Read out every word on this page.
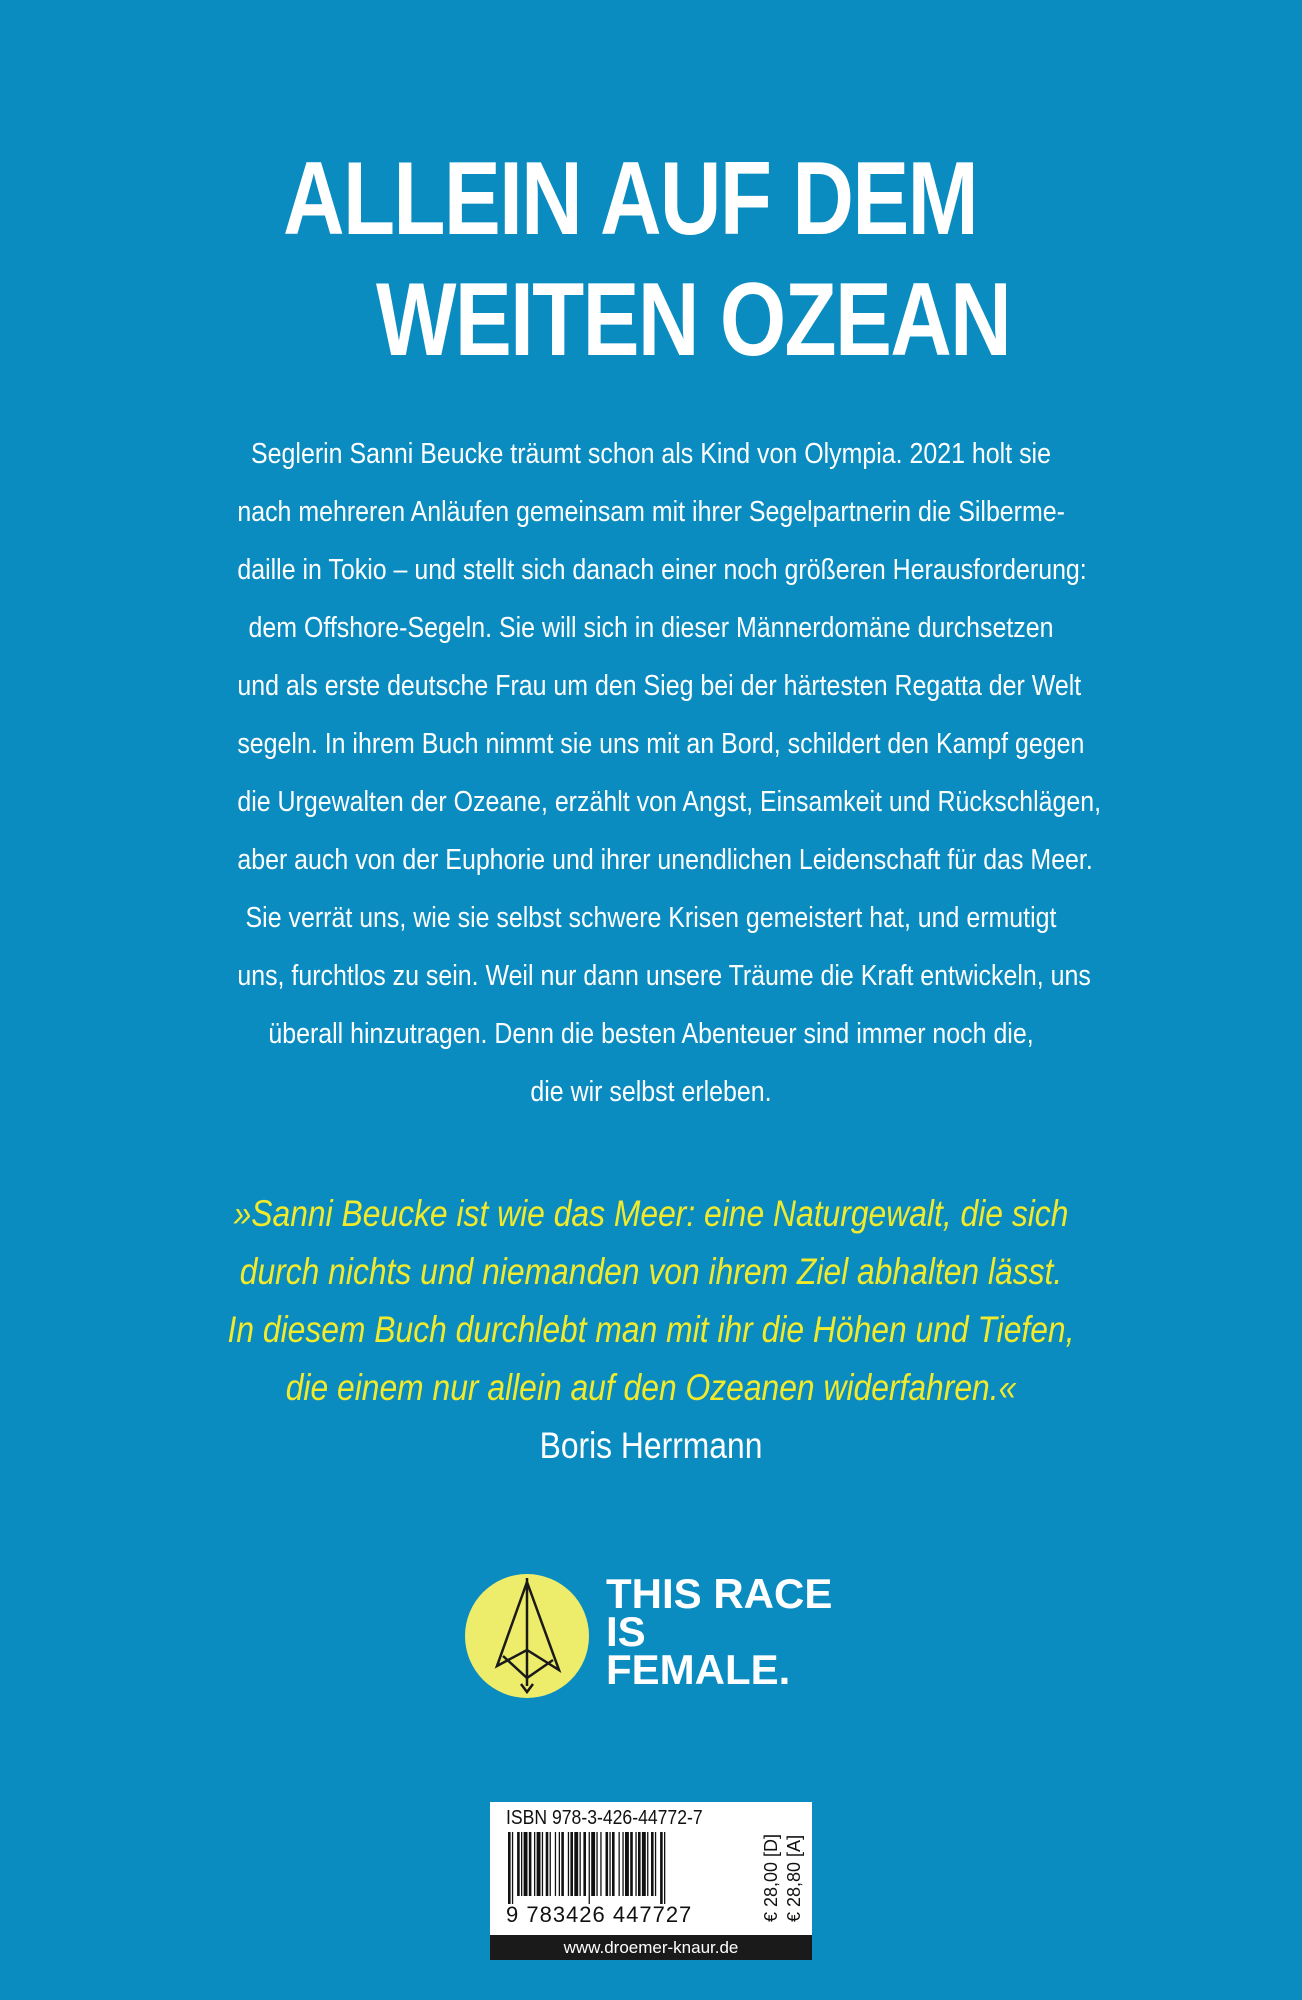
ALLEIN AUF DEM
WEITEN OZEAN
Seglerin Sanni Beucke träumt schon als Kind von Olympia. 2021 holt sie
nach mehreren Anläufen gemeinsam mit ihrer Segelpartnerin die Silberme-
daille in Tokio – und stellt sich danach einer noch größeren Herausforderung:
dem Offshore-Segeln. Sie will sich in dieser Männerdomäne durchsetzen
und als erste deutsche Frau um den Sieg bei der härtesten Regatta der Welt
segeln. In ihrem Buch nimmt sie uns mit an Bord, schildert den Kampf gegen
die Urgewalten der Ozeane, erzählt von Angst, Einsamkeit und Rückschlägen,
aber auch von der Euphorie und ihrer unendlichen Leidenschaft für das Meer.
Sie verrät uns, wie sie selbst schwere Krisen gemeistert hat, und ermutigt
uns, furchtlos zu sein. Weil nur dann unsere Träume die Kraft entwickeln, uns
überall hinzutragen. Denn die besten Abenteuer sind immer noch die,
die wir selbst erleben.
»Sanni Beucke ist wie das Meer: eine Naturgewalt, die sich
durch nichts und niemanden von ihrem Ziel abhalten lässt.
In diesem Buch durchlebt man mit ihr die Höhen und Tiefen,
die einem nur allein auf den Ozeanen widerfahren.«
Boris Herrmann
THIS RACE
IS
FEMALE.
ISBN 978-3-426-44772-7
9 783426 447727	€ 28,00 [D] € 28,80 [A]
www.droemer-knaur.de
